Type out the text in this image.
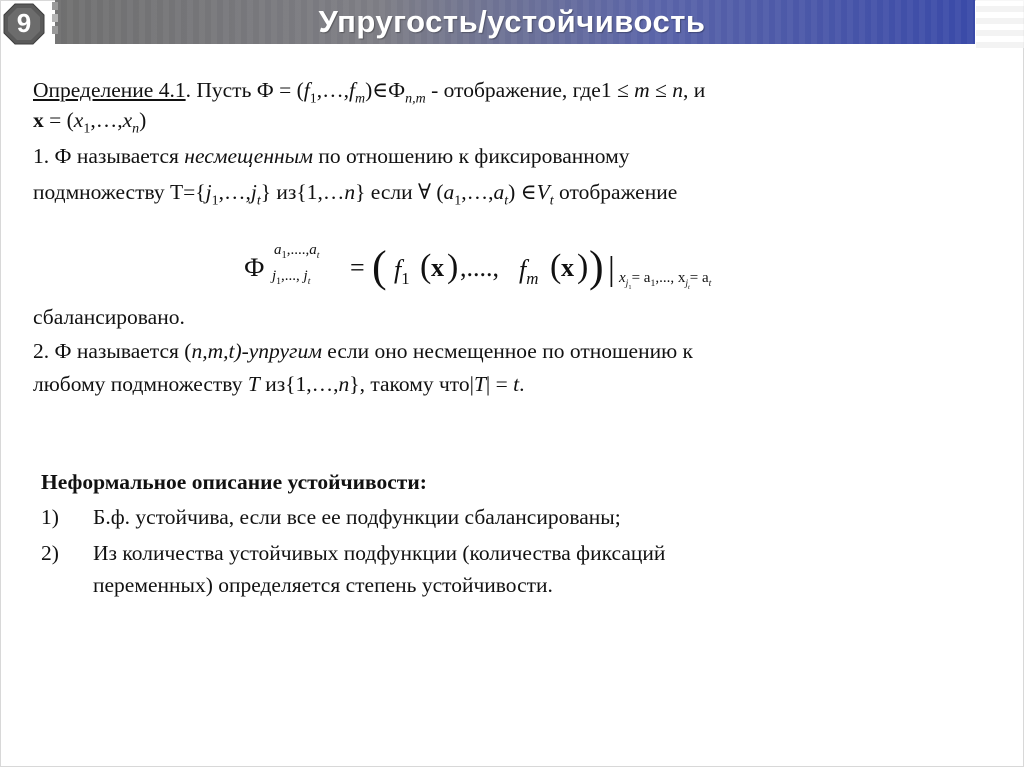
9	Упругость/устойчивость
Определение 4.1. Пусть $Ф = (f_1,\dots,f_m)\in Ф_{n,m}$ - отображение, где1 ≤ m ≤ n, и
$x = (x_1,\dots,x_n)$
1. Ф называется несмещенным по отношению к фиксированному
подмножеству $T=\{j_1,\dots,j_t\}$ из{1,…n} если ∀ $(a_1,\dots,a_t)$ $\in V_t$ отображение
Ф
$a_1,....,a_t$
$j_1$,..., $j_t$ = ( $f_1$ ( x ) ,...., $f_m$ ( x ) ) | $x_{j_1}= a_1$,..., $x_{j_t}= a_t$
сбалансировано.
2. Ф называется (n,m,t)-упругим если оно несмещенное по отношению к
любому подмножеству T из{1,…,n}, такому что|T| = t.
Неформальное описание устойчивости:
1) Б.ф. устойчива, если все ее подфункции сбалансированы;
2) Из количества устойчивых подфункции (количества фиксаций
переменных) определяется степень устойчивости.
